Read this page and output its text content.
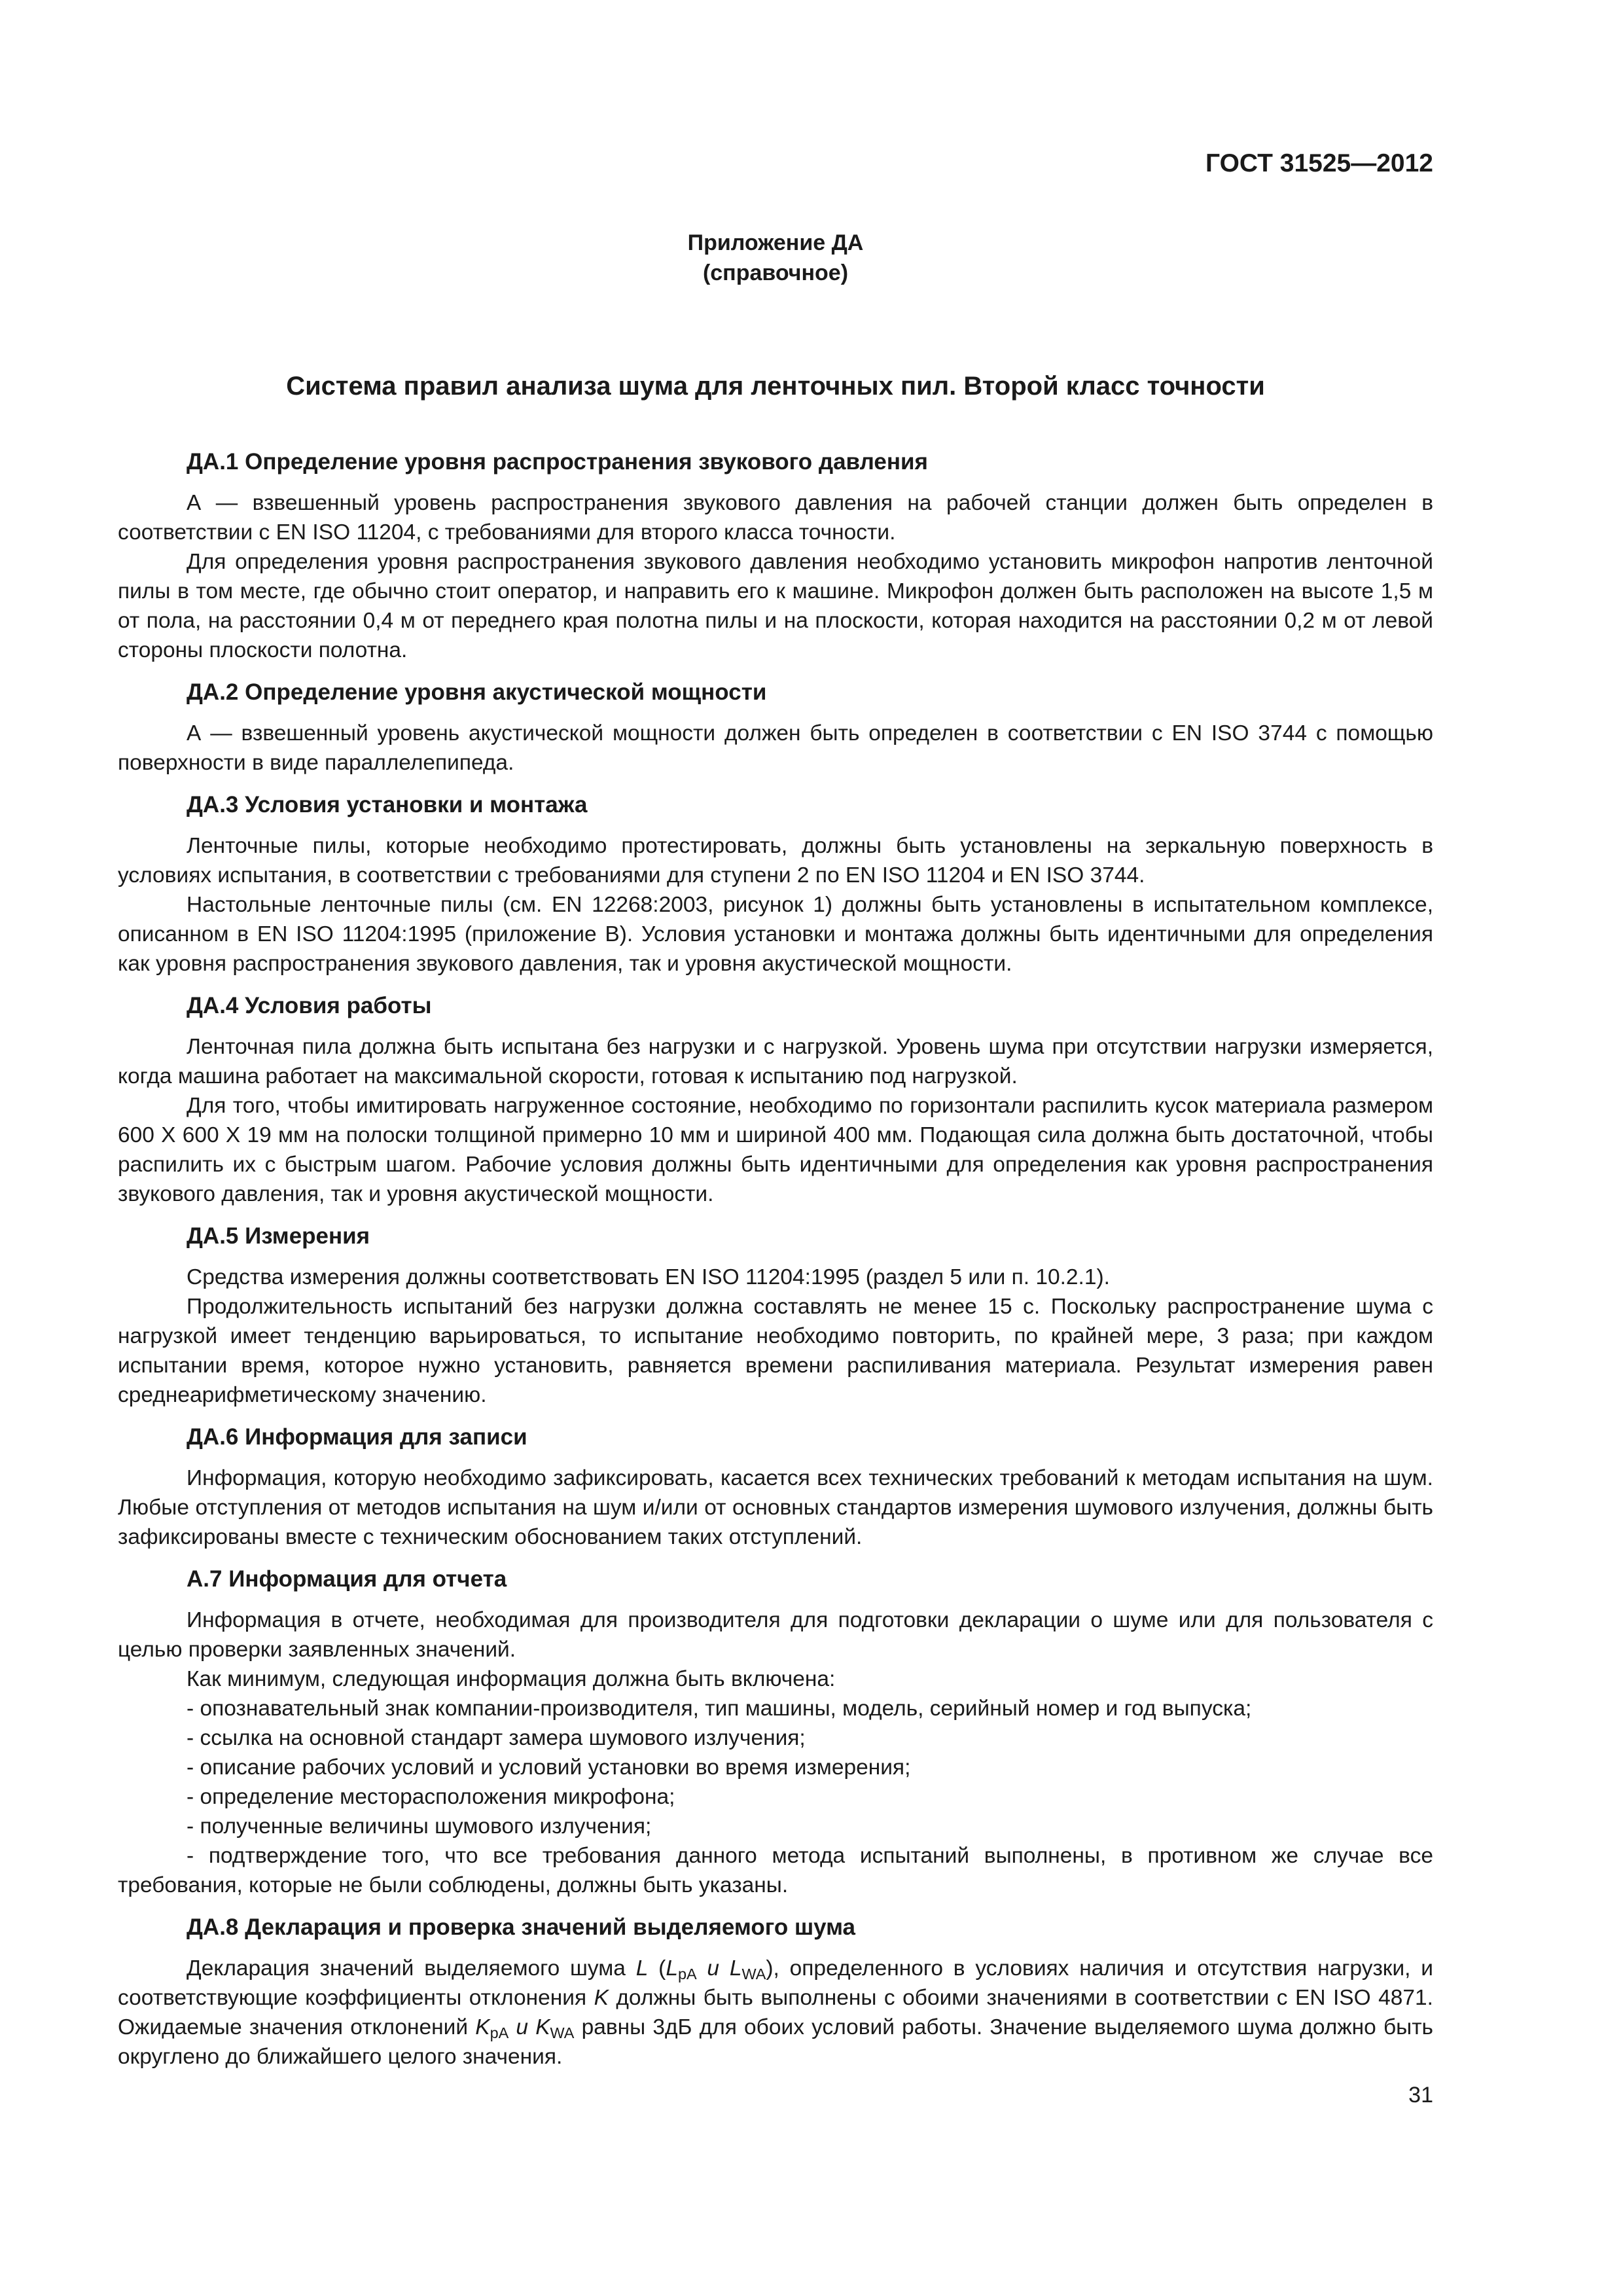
ГОСТ 31525—2012

Приложение ДА
(справочное)
Система правил анализа шума для ленточных пил. Второй класс точности
ДА.1 Определение уровня распространения звукового давления

А — взвешенный уровень распространения звукового давления на рабочей станции должен быть определен в соответствии с EN ISO 11204, с требованиями для второго класса точности.

Для определения уровня распространения звукового давления необходимо установить микрофон напротив ленточной пилы в том месте, где обычно стоит оператор, и направить его к машине. Микрофон должен быть расположен на высоте 1,5 м от пола, на расстоянии 0,4 м от переднего края полотна пилы и на плоскости, которая находится на расстоянии 0,2 м от левой стороны плоскости полотна.

ДА.2 Определение уровня акустической мощности

А — взвешенный уровень акустической мощности должен быть определен в соответствии с EN ISO 3744 с помощью поверхности в виде параллелепипеда.

ДА.3 Условия установки и монтажа

Ленточные пилы, которые необходимо протестировать, должны быть установлены на зеркальную поверхность в условиях испытания, в соответствии с требованиями для ступени 2 по EN ISO 11204 и EN ISO 3744.

Настольные ленточные пилы (см. EN 12268:2003, рисунок 1) должны быть установлены в испытательном комплексе, описанном в EN ISO 11204:1995 (приложение В). Условия установки и монтажа должны быть идентичными для определения как уровня распространения звукового давления, так и уровня акустической мощности.

ДА.4 Условия работы

Ленточная пила должна быть испытана без нагрузки и с нагрузкой. Уровень шума при отсутствии нагрузки измеряется, когда машина работает на максимальной скорости, готовая к испытанию под нагрузкой.

Для того, чтобы имитировать нагруженное состояние, необходимо по горизонтали распилить кусок материала размером 600 X 600 X 19 мм на полоски толщиной примерно 10 мм и шириной 400 мм. Подающая сила должна быть достаточной, чтобы распилить их с быстрым шагом. Рабочие условия должны быть идентичными для определения как уровня распространения звукового давления, так и уровня акустической мощности.

ДА.5 Измерения

Средства измерения должны соответствовать EN ISO 11204:1995 (раздел 5 или п. 10.2.1).

Продолжительность испытаний без нагрузки должна составлять не менее 15 с. Поскольку распространение шума с нагрузкой имеет тенденцию варьироваться, то испытание необходимо повторить, по крайней мере, 3 раза; при каждом испытании время, которое нужно установить, равняется времени распиливания материала. Результат измерения равен среднеарифметическому значению.

ДА.6 Информация для записи

Информация, которую необходимо зафиксировать, касается всех технических требований к методам испытания на шум. Любые отступления от методов испытания на шум и/или от основных стандартов измерения шумового излучения, должны быть зафиксированы вместе с техническим обоснованием таких отступлений.

А.7 Информация для отчета

Информация в отчете, необходимая для производителя для подготовки декларации о шуме или для пользователя с целью проверки заявленных значений.

Как минимум, следующая информация должна быть включена:

- опознавательный знак компании-производителя, тип машины, модель, серийный номер и год выпуска;
- ссылка на основной стандарт замера шумового излучения;
- описание рабочих условий и условий установки во время измерения;
- определение месторасположения микрофона;
- полученные величины шумового излучения;
- подтверждение того, что все требования данного метода испытаний выполнены, в противном же случае все требования, которые не были соблюдены, должны быть указаны.
ДА.8 Декларация и проверка значений выделяемого шума

Декларация значений выделяемого шума L ($L_{pA}$ и $L_{WA}$), определенного в условиях наличия и отсутствия нагрузки, и соответствующие коэффициенты отклонения K должны быть выполнены с обоими значениями в соответствии с EN ISO 4871. Ожидаемые значения отклонений $K_{pA}$ и $K_{WA}$ равны 3дБ для обоих условий работы. Значение выделяемого шума должно быть округлено до ближайшего целого значения.

31
